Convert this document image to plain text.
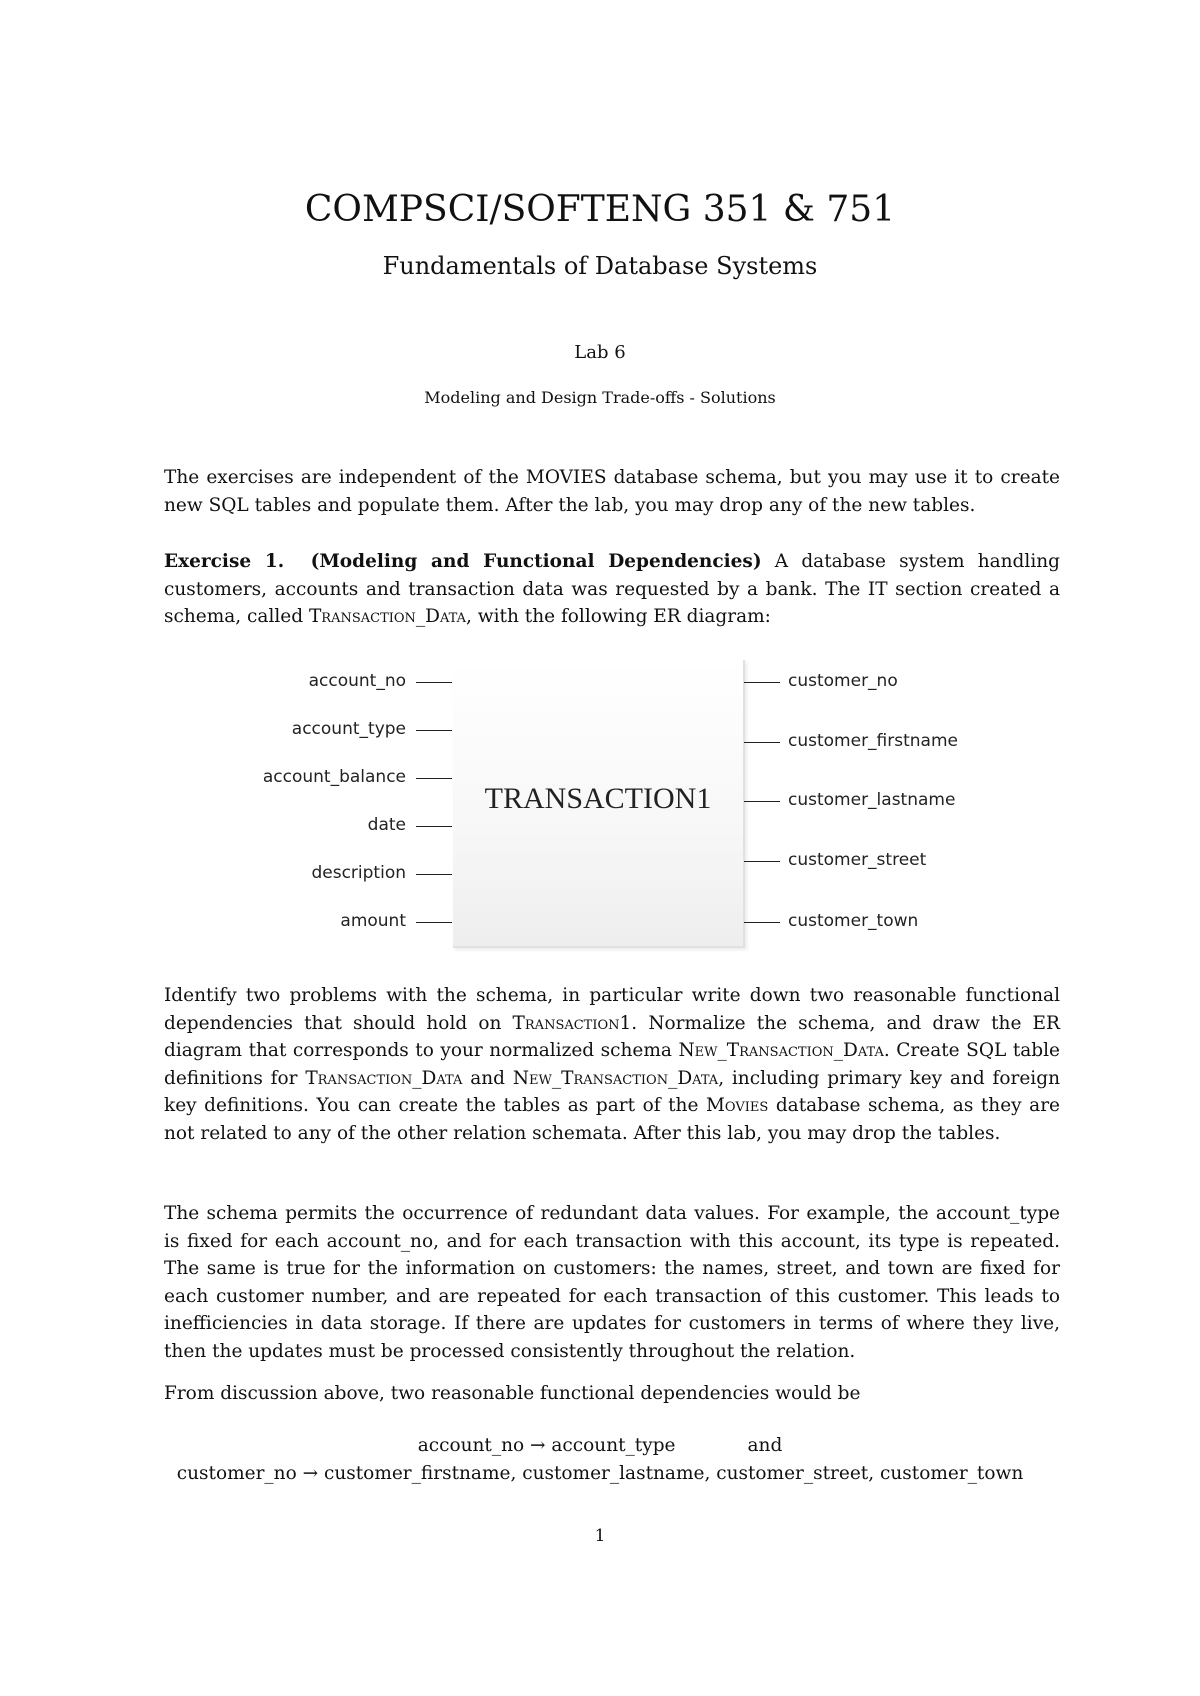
COMPSCI/SOFTENG 351 & 751
Fundamentals of Database Systems
Lab 6
Modeling and Design Trade-offs - Solutions
The exercises are independent of the MOVIES database schema, but you may use it to create new SQL tables and populate them. After the lab, you may drop any of the new tables.
Exercise 1. (Modeling and Functional Dependencies) A database system handling customers, accounts and transaction data was requested by a bank. The IT section created a schema, called Transaction_Data, with the following ER diagram:
TRANSACTION1
account_no
account_type
account_balance
date
description
amount
customer_no
customer_firstname
customer_lastname
customer_street
customer_town
Identify two problems with the schema, in particular write down two reasonable functional dependencies that should hold on Transaction1. Normalize the schema, and draw the ER diagram that corresponds to your normalized schema New_Transaction_Data. Create SQL table definitions for Transaction_Data and New_Transaction_Data, including primary key and foreign key definitions. You can create the tables as part of the Movies database schema, as they are not related to any of the other relation schemata. After this lab, you may drop the tables.
The schema permits the occurrence of redundant data values. For example, the account_type is fixed for each account_no, and for each transaction with this account, its type is repeated. The same is true for the information on customers: the names, street, and town are fixed for each customer number, and are repeated for each transaction of this customer. This leads to inefficiencies in data storage. If there are updates for customers in terms of where they live, then the updates must be processed consistently throughout the relation.
From discussion above, two reasonable functional dependencies would be
account_no → account_type	and
customer_no → customer_firstname, customer_lastname, customer_street, customer_town
1
